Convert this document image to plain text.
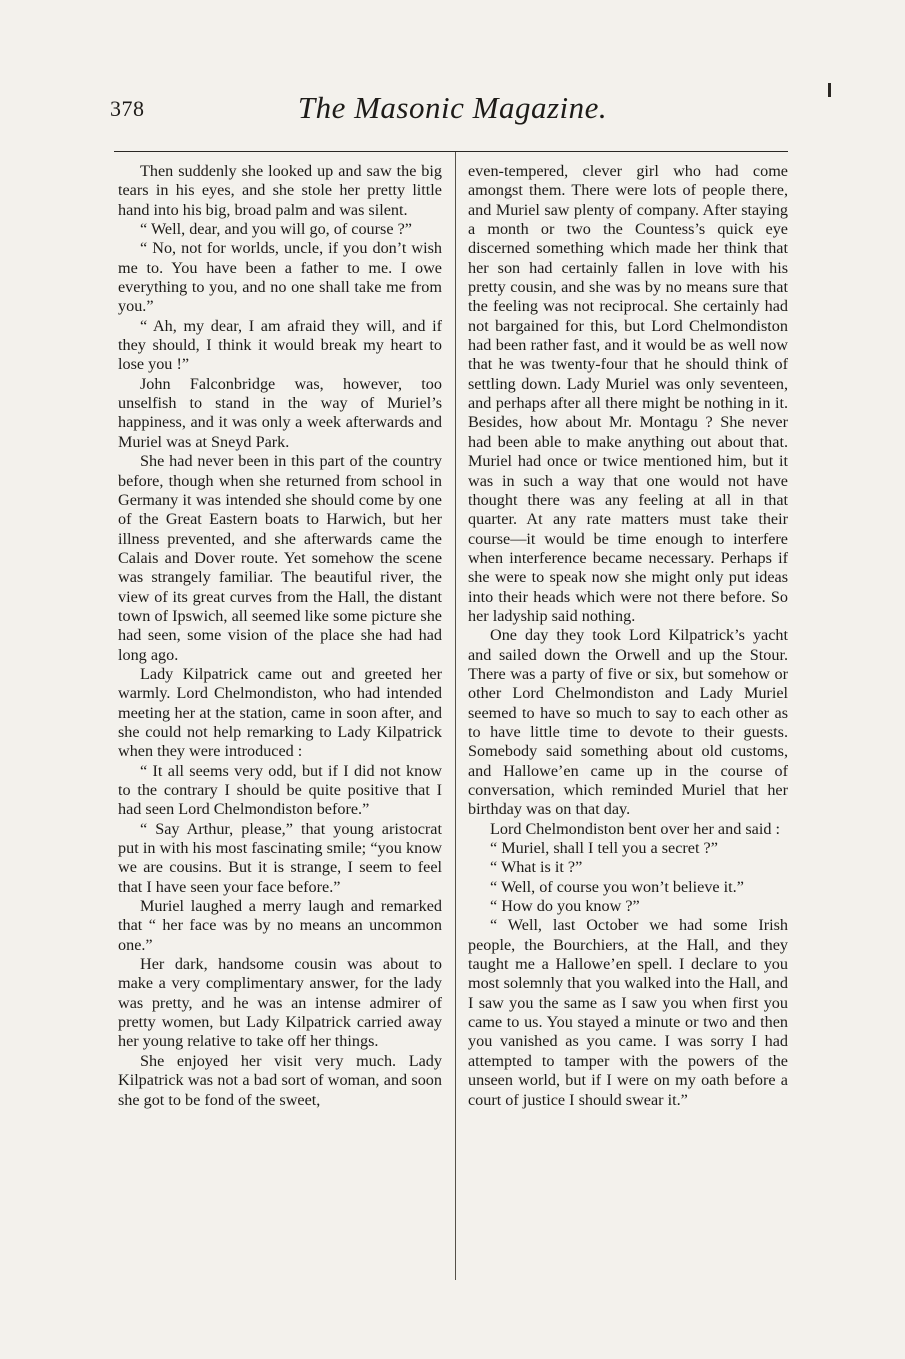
378	The Masonic Magazine.

Then suddenly she looked up and saw the big tears in his eyes, and she stole her pretty little hand into his big, broad palm and was silent.

“ Well, dear, and you will go, of course ?”

“ No, not for worlds, uncle, if you don’t wish me to. You have been a father to me. I owe everything to you, and no one shall take me from you.”

“ Ah, my dear, I am afraid they will, and if they should, I think it would break my heart to lose you !”

John Falconbridge was, however, too unselfish to stand in the way of Muriel’s happiness, and it was only a week afterwards and Muriel was at Sneyd Park.

She had never been in this part of the country before, though when she returned from school in Germany it was intended she should come by one of the Great Eastern boats to Harwich, but her illness prevented, and she afterwards came the Calais and Dover route. Yet somehow the scene was strangely familiar. The beautiful river, the view of its great curves from the Hall, the distant town of Ipswich, all seemed like some picture she had seen, some vision of the place she had had long ago.

Lady Kilpatrick came out and greeted her warmly. Lord Chelmondiston, who had intended meeting her at the station, came in soon after, and she could not help remarking to Lady Kilpatrick when they were introduced :

“ It all seems very odd, but if I did not know to the contrary I should be quite positive that I had seen Lord Chelmondiston before.”

“ Say Arthur, please,” that young aristocrat put in with his most fascinating smile; “you know we are cousins. But it is strange, I seem to feel that I have seen your face before.”

Muriel laughed a merry laugh and remarked that “ her face was by no means an uncommon one.”

Her dark, handsome cousin was about to make a very complimentary answer, for the lady was pretty, and he was an intense admirer of pretty women, but Lady Kilpatrick carried away her young relative to take off her things.

She enjoyed her visit very much. Lady Kilpatrick was not a bad sort of woman, and soon she got to be fond of the sweet,

even-tempered, clever girl who had come amongst them. There were lots of people there, and Muriel saw plenty of company. After staying a month or two the Countess’s quick eye discerned something which made her think that her son had certainly fallen in love with his pretty cousin, and she was by no means sure that the feeling was not reciprocal. She certainly had not bargained for this, but Lord Chelmondiston had been rather fast, and it would be as well now that he was twenty-four that he should think of settling down. Lady Muriel was only seventeen, and perhaps after all there might be nothing in it. Besides, how about Mr. Montagu ? She never had been able to make anything out about that. Muriel had once or twice mentioned him, but it was in such a way that one would not have thought there was any feeling at all in that quarter. At any rate matters must take their course—it would be time enough to interfere when interference became necessary. Perhaps if she were to speak now she might only put ideas into their heads which were not there before. So her ladyship said nothing.

One day they took Lord Kilpatrick’s yacht and sailed down the Orwell and up the Stour. There was a party of five or six, but somehow or other Lord Chelmondiston and Lady Muriel seemed to have so much to say to each other as to have little time to devote to their guests. Somebody said something about old customs, and Hallowe’en came up in the course of conversation, which reminded Muriel that her birthday was on that day.

Lord Chelmondiston bent over her and said :

“ Muriel, shall I tell you a secret ?”

“ What is it ?”

“ Well, of course you won’t believe it.”

“ How do you know ?”

“ Well, last October we had some Irish people, the Bourchiers, at the Hall, and they taught me a Hallowe’en spell. I declare to you most solemnly that you walked into the Hall, and I saw you the same as I saw you when first you came to us. You stayed a minute or two and then you vanished as you came. I was sorry I had attempted to tamper with the powers of the unseen world, but if I were on my oath before a court of justice I should swear it.”
